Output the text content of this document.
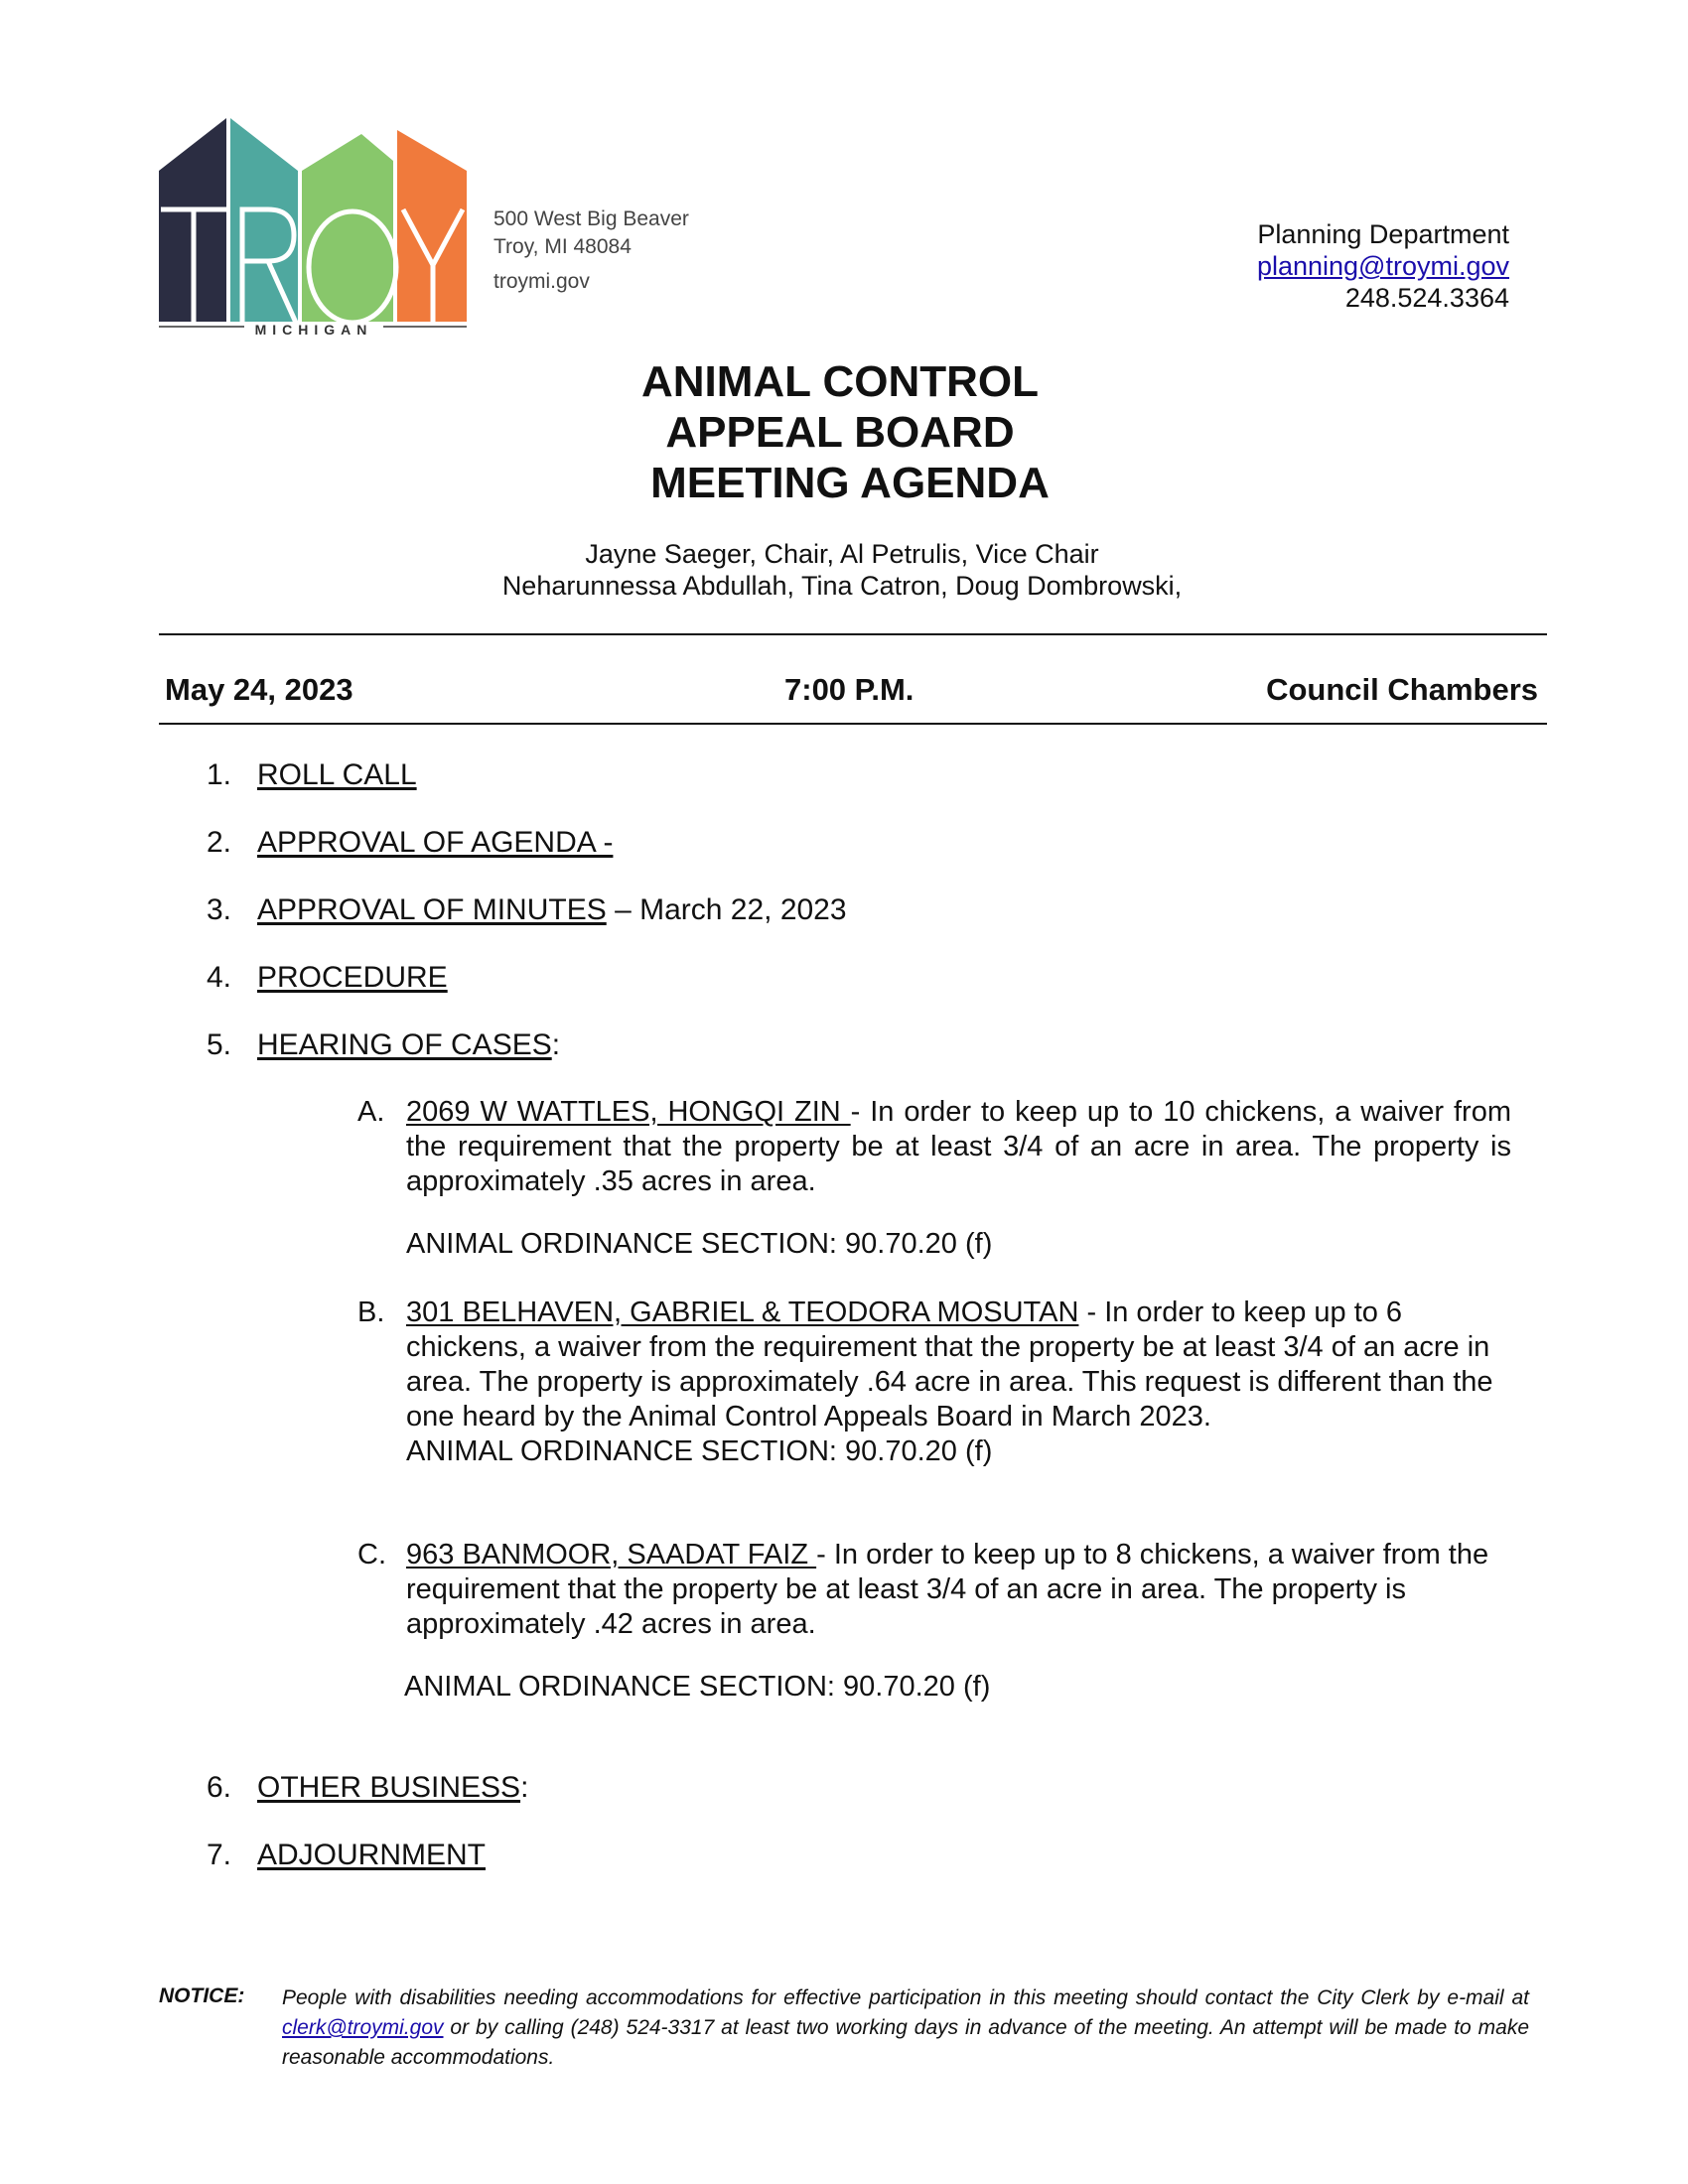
MICHIGAN
500 West Big Beaver
Troy, MI 48084
troymi.gov
Planning Department
planning@troymi.gov
248.524.3364
ANIMAL CONTROL
APPEAL BOARD
MEETING AGENDA
Jayne Saeger, Chair, Al Petrulis, Vice Chair
Neharunnessa Abdullah, Tina Catron, Doug Dombrowski,
May 24, 2023	7:00 P.M.	Council Chambers
1. ROLL CALL
2. APPROVAL OF AGENDA -
3. APPROVAL OF MINUTES – March 22, 2023
4. PROCEDURE
5. HEARING OF CASES:
A. 2069 W WATTLES, HONGQI ZIN - In order to keep up to 10 chickens, a waiver from the requirement that the property be at least 3/4 of an acre in area. The property is approximately .35 acres in area.
ANIMAL ORDINANCE SECTION: 90.70.20 (f)
B. 301 BELHAVEN, GABRIEL & TEODORA MOSUTAN - In order to keep up to 6 chickens, a waiver from the requirement that the property be at least 3/4 of an acre in area. The property is approximately .64 acre in area. This request is different than the one heard by the Animal Control Appeals Board in March 2023.
ANIMAL ORDINANCE SECTION: 90.70.20 (f)
C. 963 BANMOOR, SAADAT FAIZ - In order to keep up to 8 chickens, a waiver from the requirement that the property be at least 3/4 of an acre in area. The property is approximately .42 acres in area.
ANIMAL ORDINANCE SECTION: 90.70.20 (f)
6. OTHER BUSINESS:
7. ADJOURNMENT
NOTICE: People with disabilities needing accommodations for effective participation in this meeting should contact the City Clerk by e-mail at clerk@troymi.gov or by calling (248) 524-3317 at least two working days in advance of the meeting. An attempt will be made to make reasonable accommodations.
